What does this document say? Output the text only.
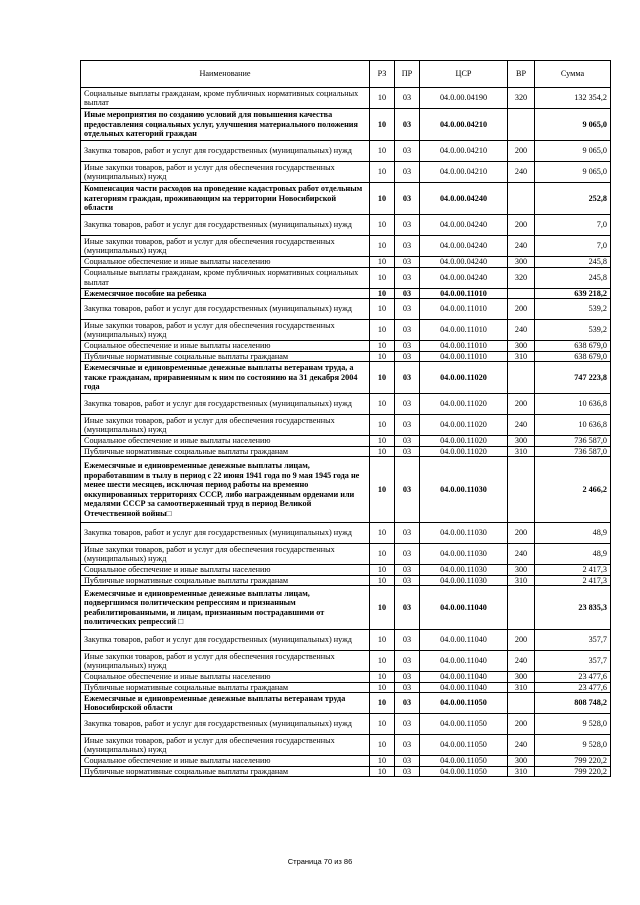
Наименование	РЗ	ПР	ЦСР	ВР	Сумма
Социальные выплаты гражданам, кроме публичных нормативных социальных выплат	10	03	04.0.00.04190	320	132 354,2
Иные мероприятия по созданию условий для повышения качества предоставления социальных услуг, улучшения материального положения отдельных категорий граждан	10	03	04.0.00.04210		9 065,0
Закупка товаров, работ и услуг для государственных (муниципальных) нужд	10	03	04.0.00.04210	200	9 065,0
Иные закупки товаров, работ и услуг для обеспечения государственных (муниципальных) нужд	10	03	04.0.00.04210	240	9 065,0
Компенсация части расходов на проведение кадастровых работ отдельным категориям граждан, проживающим на территории Новосибирской области	10	03	04.0.00.04240		252,8
Закупка товаров, работ и услуг для государственных (муниципальных) нужд	10	03	04.0.00.04240	200	7,0
Иные закупки товаров, работ и услуг для обеспечения государственных (муниципальных) нужд	10	03	04.0.00.04240	240	7,0
Социальное обеспечение и иные выплаты населению	10	03	04.0.00.04240	300	245,8
Социальные выплаты гражданам, кроме публичных нормативных социальных выплат	10	03	04.0.00.04240	320	245,8
Ежемесячное пособие на ребенка	10	03	04.0.00.11010		639 218,2
Закупка товаров, работ и услуг для государственных (муниципальных) нужд	10	03	04.0.00.11010	200	539,2
Иные закупки товаров, работ и услуг для обеспечения государственных (муниципальных) нужд	10	03	04.0.00.11010	240	539,2
Социальное обеспечение и иные выплаты населению	10	03	04.0.00.11010	300	638 679,0
Публичные нормативные социальные выплаты гражданам	10	03	04.0.00.11010	310	638 679,0
Ежемесячные и единовременные денежные выплаты ветеранам труда, а также гражданам, приравненным к ним по состоянию на 31 декабря 2004 года	10	03	04.0.00.11020		747 223,8
Закупка товаров, работ и услуг для государственных (муниципальных) нужд	10	03	04.0.00.11020	200	10 636,8
Иные закупки товаров, работ и услуг для обеспечения государственных (муниципальных) нужд	10	03	04.0.00.11020	240	10 636,8
Социальное обеспечение и иные выплаты населению	10	03	04.0.00.11020	300	736 587,0
Публичные нормативные социальные выплаты гражданам	10	03	04.0.00.11020	310	736 587,0
Ежемесячные и единовременные денежные выплаты лицам, проработавшим в тылу в период с 22 июня 1941 года по 9 мая 1945 года не менее шести месяцев, исключая период работы на временно оккупированных территориях СССР, либо награжденным орденами или медалями СССР за самоотверженный труд в период Великой Отечественной войны□	10	03	04.0.00.11030		2 466,2
Закупка товаров, работ и услуг для государственных (муниципальных) нужд	10	03	04.0.00.11030	200	48,9
Иные закупки товаров, работ и услуг для обеспечения государственных (муниципальных) нужд	10	03	04.0.00.11030	240	48,9
Социальное обеспечение и иные выплаты населению	10	03	04.0.00.11030	300	2 417,3
Публичные нормативные социальные выплаты гражданам	10	03	04.0.00.11030	310	2 417,3
Ежемесячные и единовременные денежные выплаты лицам, подвергшимся политическим репрессиям и признанным реабилитированными, и лицам, признанным пострадавшими от политических репрессий □	10	03	04.0.00.11040		23 835,3
Закупка товаров, работ и услуг для государственных (муниципальных) нужд	10	03	04.0.00.11040	200	357,7
Иные закупки товаров, работ и услуг для обеспечения государственных (муниципальных) нужд	10	03	04.0.00.11040	240	357,7
Социальное обеспечение и иные выплаты населению	10	03	04.0.00.11040	300	23 477,6
Публичные нормативные социальные выплаты гражданам	10	03	04.0.00.11040	310	23 477,6
Ежемесячные и единовременные денежные выплаты ветеранам труда Новосибирской области	10	03	04.0.00.11050		808 748,2
Закупка товаров, работ и услуг для государственных (муниципальных) нужд	10	03	04.0.00.11050	200	9 528,0
Иные закупки товаров, работ и услуг для обеспечения государственных (муниципальных) нужд	10	03	04.0.00.11050	240	9 528,0
Социальное обеспечение и иные выплаты населению	10	03	04.0.00.11050	300	799 220,2
Публичные нормативные социальные выплаты гражданам	10	03	04.0.00.11050	310	799 220,2
Страница 70 из 86
